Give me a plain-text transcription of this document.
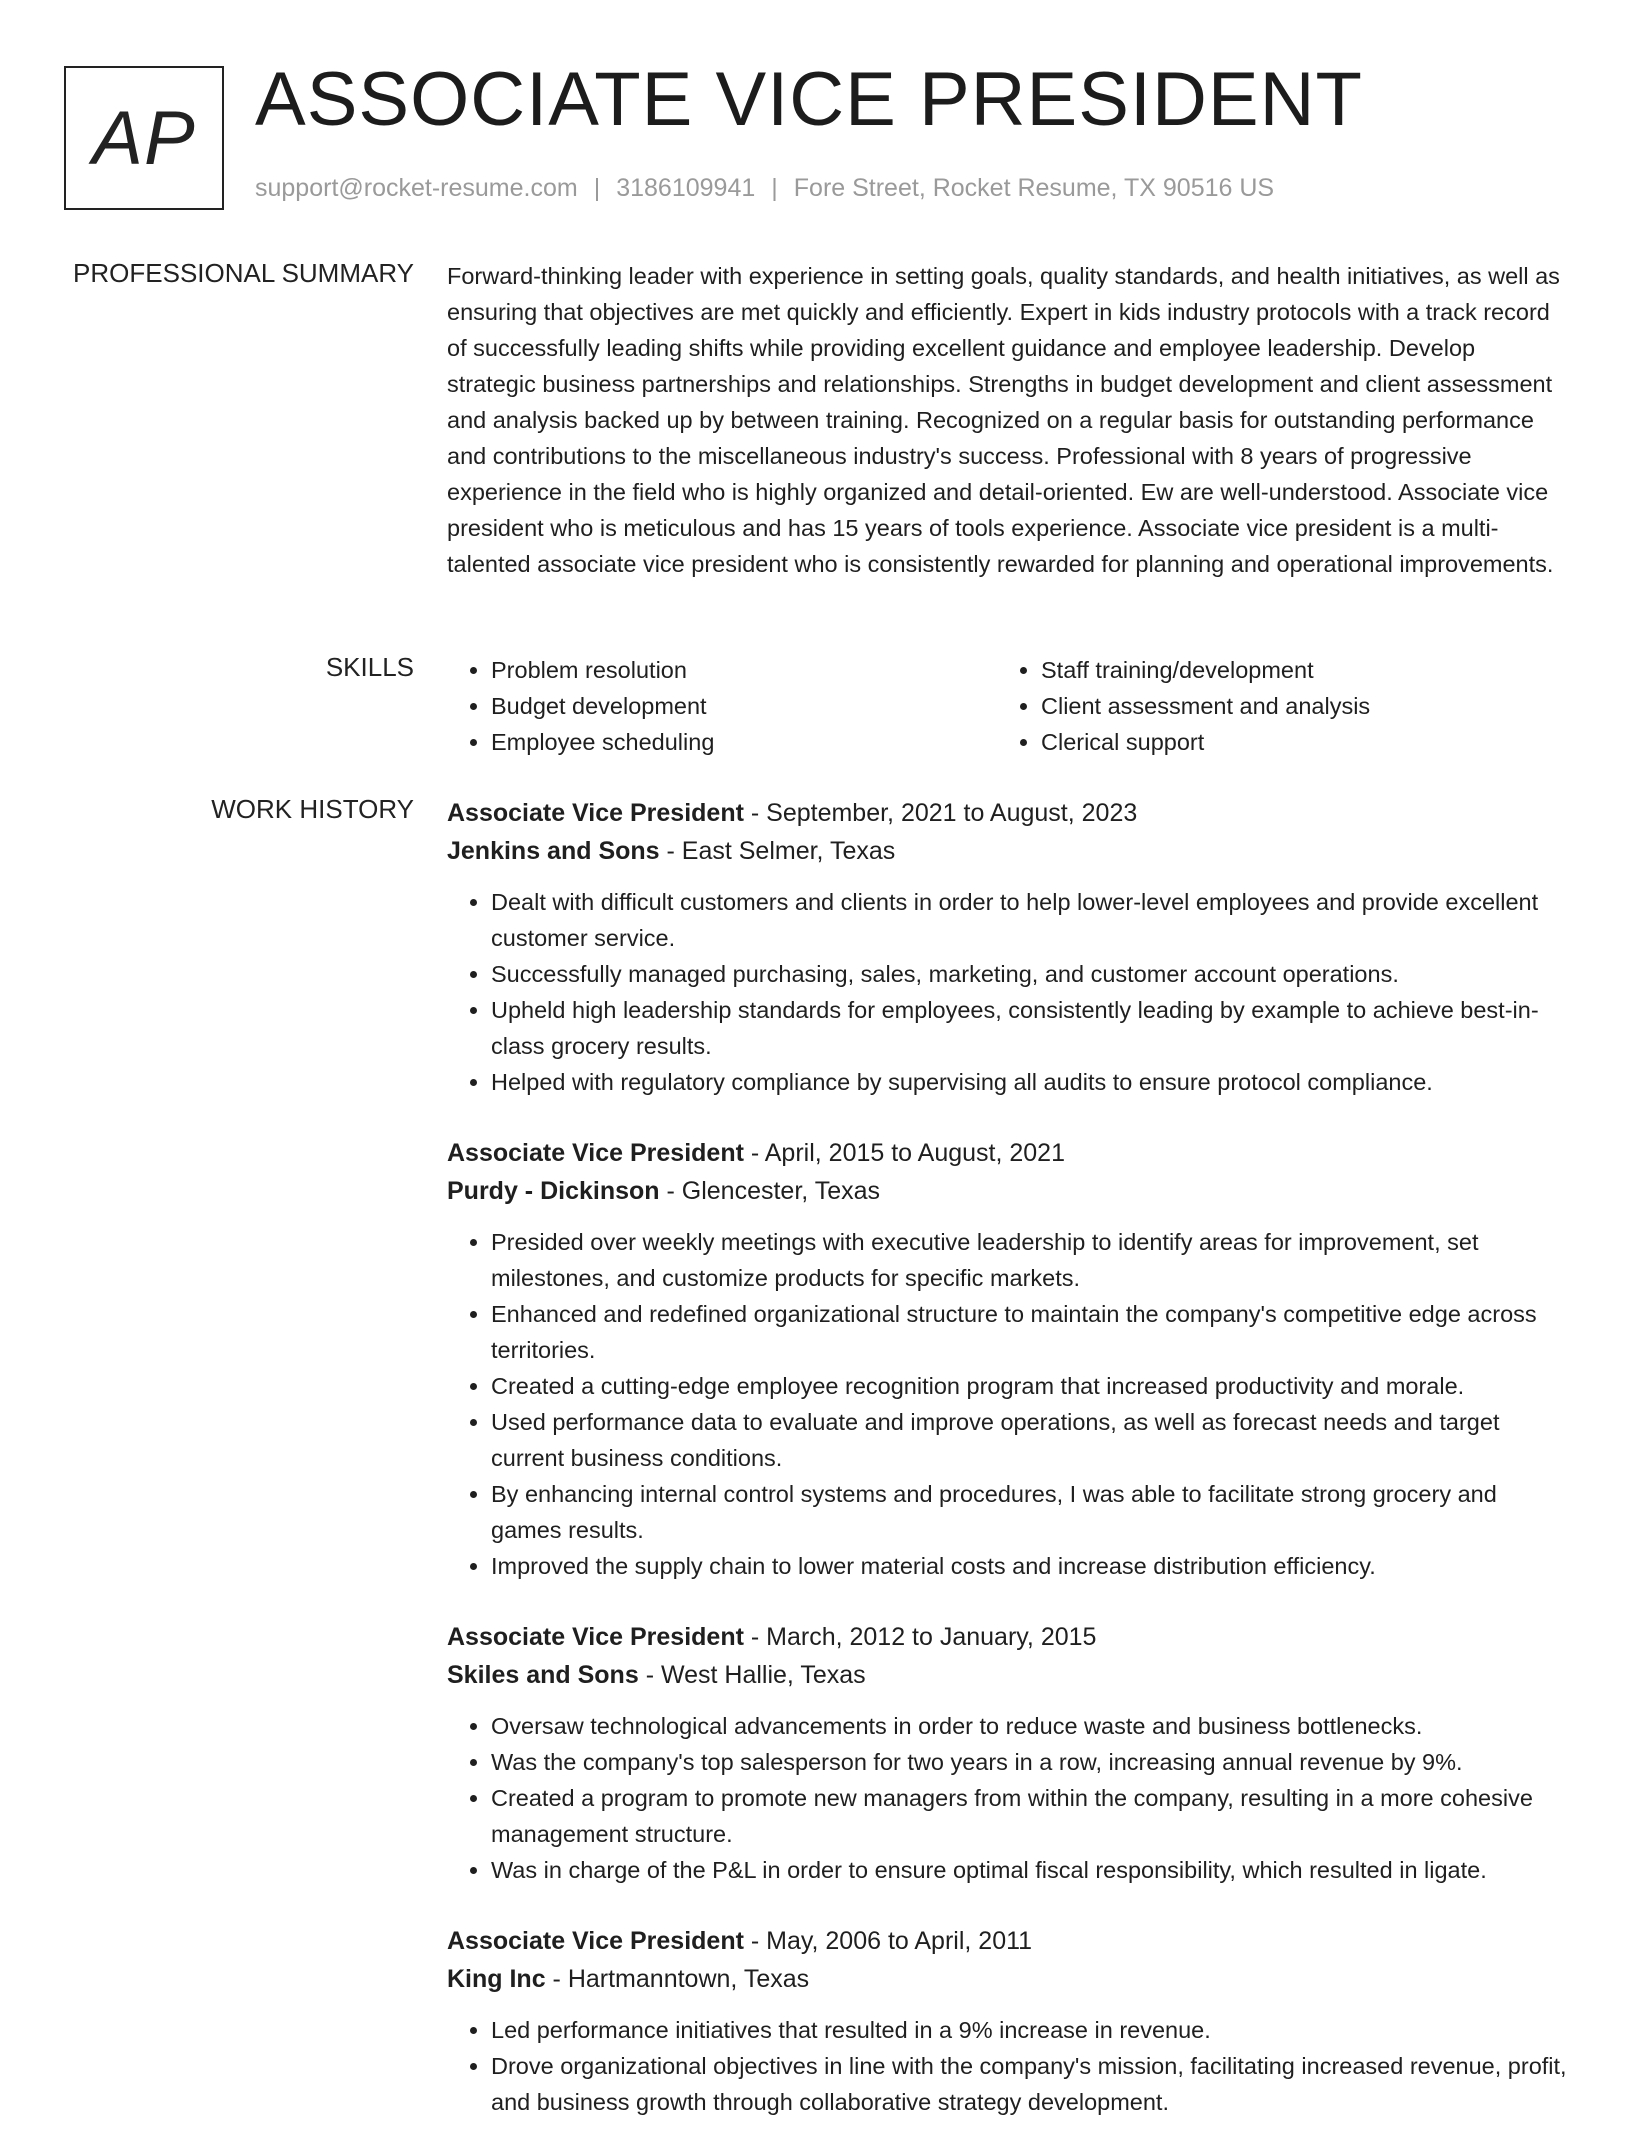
AP ASSOCIATE VICE PRESIDENT
support@rocket-resume.com | 3186109941 | Fore Street, Rocket Resume, TX 90516 US
PROFESSIONAL SUMMARY Forward-thinking leader with experience in setting goals, quality standards, and health initiatives, as well as ensuring that objectives are met quickly and efficiently. Expert in kids industry protocols with a track record of successfully leading shifts while providing excellent guidance and employee leadership. Develop strategic business partnerships and relationships. Strengths in budget development and client assessment and analysis backed up by between training. Recognized on a regular basis for outstanding performance and contributions to the miscellaneous industry's success. Professional with 8 years of progressive experience in the field who is highly organized and detail-oriented. Ew are well-understood. Associate vice president who is meticulous and has 15 years of tools experience. Associate vice president is a multi-talented associate vice president who is consistently rewarded for planning and operational improvements.

SKILLS
•	Problem resolution
• Budget development
• Employee scheduling
• Staff training/development
• Client assessment and analysis
• Clerical support
WORK HISTORY Associate Vice President - September, 2021 to August, 2023
Jenkins and Sons - East Selmer, Texas
• Dealt with difficult customers and clients in order to help lower-level employees and provide excellent customer service.
• Successfully managed purchasing, sales, marketing, and customer account operations.
• Upheld high leadership standards for employees, consistently leading by example to achieve best-in-class grocery results.
• Helped with regulatory compliance by supervising all audits to ensure protocol compliance.
Associate Vice President - April, 2015 to August, 2021
Purdy - Dickinson - Glencester, Texas
• Presided over weekly meetings with executive leadership to identify areas for improvement, set milestones, and customize products for specific markets.
• Enhanced and redefined organizational structure to maintain the company's competitive edge across territories.
• Created a cutting-edge employee recognition program that increased productivity and morale.
• Used performance data to evaluate and improve operations, as well as forecast needs and target current business conditions.
• By enhancing internal control systems and procedures, I was able to facilitate strong grocery and games results.
• Improved the supply chain to lower material costs and increase distribution efficiency.
Associate Vice President - March, 2012 to January, 2015
Skiles and Sons - West Hallie, Texas
• Oversaw technological advancements in order to reduce waste and business bottlenecks.
• Was the company's top salesperson for two years in a row, increasing annual revenue by 9%.
• Created a program to promote new managers from within the company, resulting in a more cohesive management structure.
• Was in charge of the P&L in order to ensure optimal fiscal responsibility, which resulted in ligate.
Associate Vice President - May, 2006 to April, 2011
King Inc - Hartmanntown, Texas
• Led performance initiatives that resulted in a 9% increase in revenue.
• Drove organizational objectives in line with the company's mission, facilitating increased revenue, profit, and business growth through collaborative strategy development.
